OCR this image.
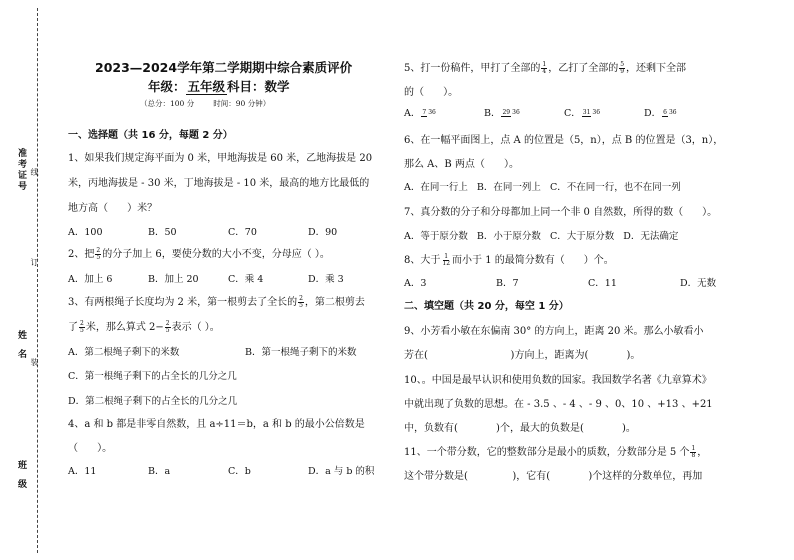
准考证号 线
订
姓名 装
班级
2023—2024学年第二学期期中综合素质评价
年级： 五年级 科目：数学
（总分：100 分        时间：90 分钟）
一、选择题（共 16 分，每题 2 分）
1、如果我们规定海平面为 0 米，甲地海拔是 60 米，乙地海拔是 20
米，丙地海拔是 - 30 米，丁地海拔是 - 10 米，最高的地方比最低的
地方高（      ）米？
A．100	B．50	C．70	D．90
2、把 $\frac{2}{5}$ 的分子加上 6，要使分数的大小不变，分母应（ ）。
A．加上 6	B．加上 20	C．乘 4	D．乘 3
3、有两根绳子长度均为 2 米，第一根剪去了全长的 $\frac{2}{5}$ ，第二根剪去
了 $\frac{2}{5}$ 米，那么算式 $2- \frac{2}{5}$ 表示（ ）。
A．第二根绳子剩下的米数	B．第一根绳子剩下的米数
C．第一根绳子剩下的占全长的几分之几
D．第二根绳子剩下的占全长的几分之几
4、a 和 b 都是非零自然数，且 a÷11＝b，a 和 b 的最小公倍数是
（      ）。
A．11	B．a	C．b	D．a 与 b 的积
5、打一份稿件，甲打了全部的 $\frac{1}{4}$ ，乙打了全部的 $\frac{5}{9}$ ，还剩下全部
的（      ）。
A． 7 36	B． 29 36	C． 31 36	D． 6 36
6、在一幅平面图上，点 A 的位置是（5，n），点 B 的位置是（3，n），
那么 A、B 两点（      ）。
A．在同一行上   B．在同一列上   C．不在同一行，也不在同一列
7、真分数的分子和分母都加上同一个非 0 自然数，所得的数（      ）。
A．等于原分数   B．小于原分数   C．大于原分数   D．无法确定
8、大于 $\frac{1}{12}$ 而小于 1 的最简分数有（      ）个。
A．3	B．7	C．11	D．无数
二、填空题（共 20 分，每空 1 分）
9、小芳看小敏在东偏南 30° 的方向上，距离 20 米。那么小敏看小
芳在(                          )方向上，距离为(            )。
10、。中国是最早认识和使用负数的国家。我国数学名著《九章算术》
中就出现了负数的思想。在 - 3.5 、- 4 、- 9 、0、10 、+13 、+21
中，负数有(            )个，最大的负数是(            )。
11、一个带分数，它的整数部分是最小的质数，分数部分是 5 个 $\frac{1}{8}$ ，
这个带分数是(              )，它有(            )个这样的分数单位，再加
